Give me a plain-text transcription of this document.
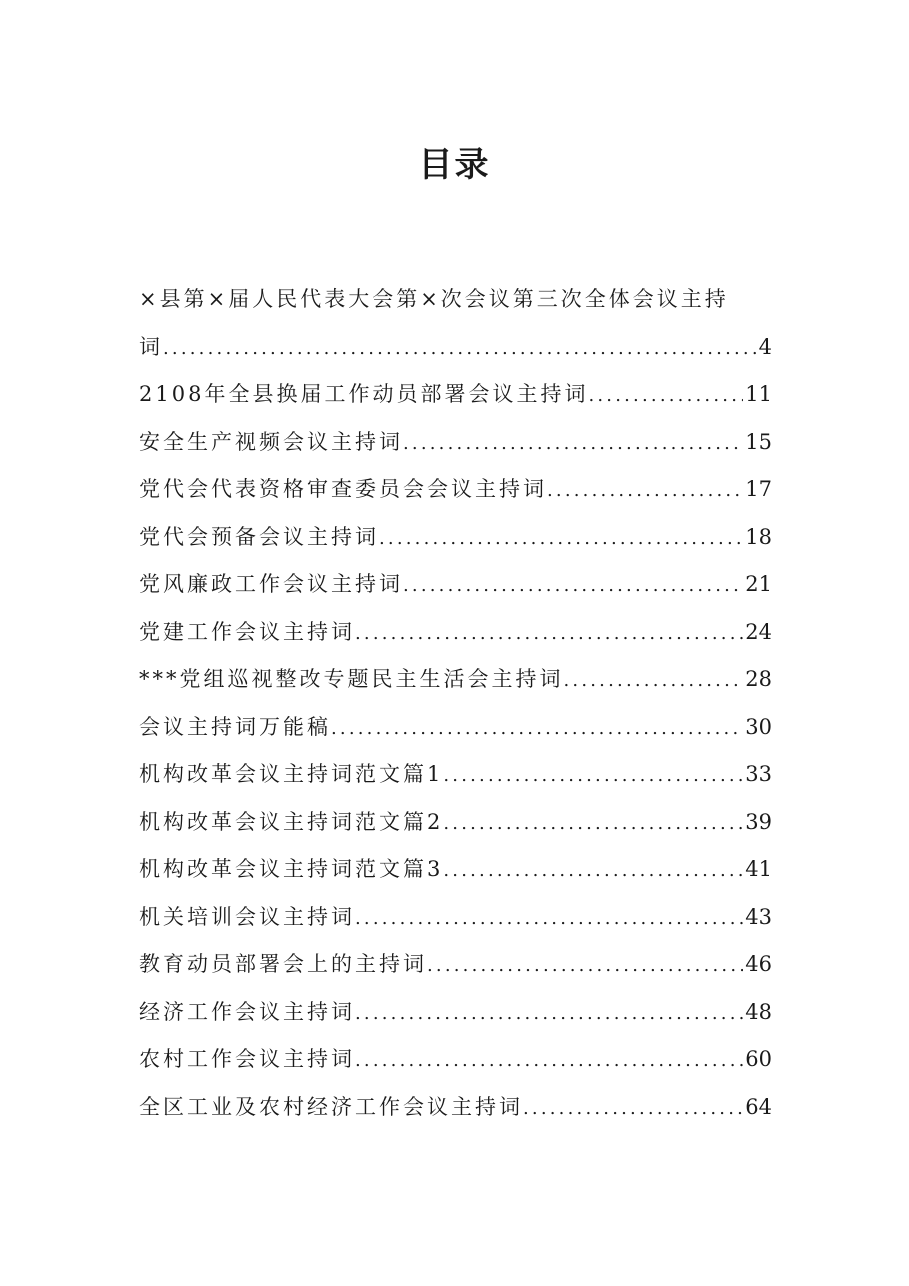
目录
×县第×届人民代表大会第×次会议第三次全体会议主持
词 .....	4
2108年全县换届工作动员部署会议主持词 .....	11
安全生产视频会议主持词 .....	15
党代会代表资格审查委员会会议主持词 .....	17
党代会预备会议主持词 .....	18
党风廉政工作会议主持词 .....	21
党建工作会议主持词 .....	24
***党组巡视整改专题民主生活会主持词 .....	28
会议主持词万能稿 .....	30
机构改革会议主持词范文篇1 .....	33
机构改革会议主持词范文篇2 .....	39
机构改革会议主持词范文篇3 .....	41
机关培训会议主持词 .....	43
教育动员部署会上的主持词 .....	46
经济工作会议主持词 .....	48
农村工作会议主持词 .....	60
全区工业及农村经济工作会议主持词 .....	64
